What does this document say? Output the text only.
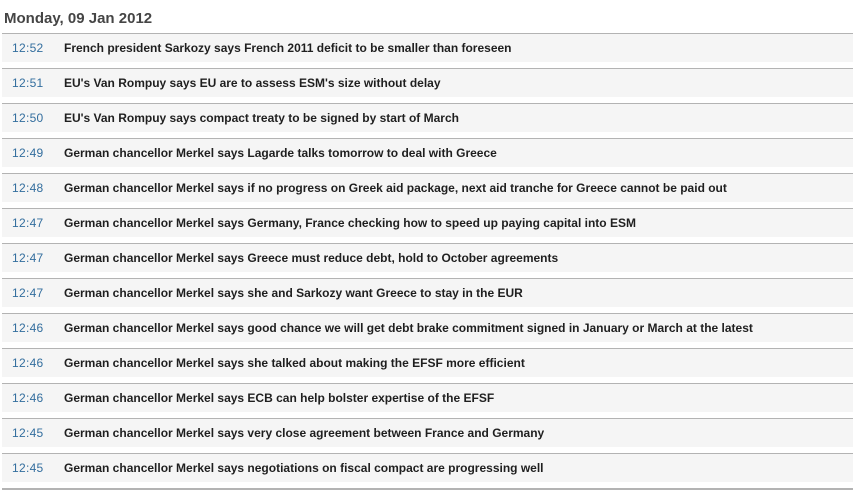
Monday, 09 Jan 2012
12:52 French president Sarkozy says French 2011 deficit to be smaller than foreseen
12:51 EU's Van Rompuy says EU are to assess ESM's size without delay
12:50 EU's Van Rompuy says compact treaty to be signed by start of March
12:49 German chancellor Merkel says Lagarde talks tomorrow to deal with Greece
12:48 German chancellor Merkel says if no progress on Greek aid package, next aid tranche for Greece cannot be paid out
12:47 German chancellor Merkel says Germany, France checking how to speed up paying capital into ESM
12:47 German chancellor Merkel says Greece must reduce debt, hold to October agreements
12:47 German chancellor Merkel says she and Sarkozy want Greece to stay in the EUR
12:46 German chancellor Merkel says good chance we will get debt brake commitment signed in January or March at the latest
12:46 German chancellor Merkel says she talked about making the EFSF more efficient
12:46 German chancellor Merkel says ECB can help bolster expertise of the EFSF
12:45 German chancellor Merkel says very close agreement between France and Germany
12:45 German chancellor Merkel says negotiations on fiscal compact are progressing well
